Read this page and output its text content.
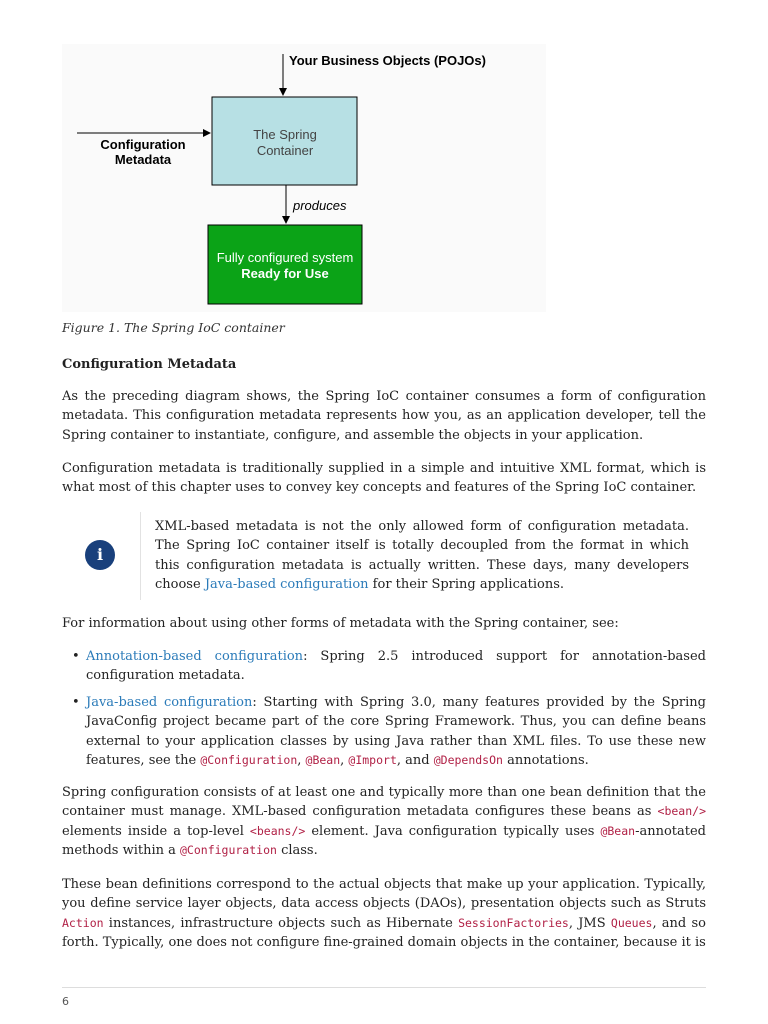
Your Business Objects (POJOs)
Configuration
Metadata
The Spring
Container
produces
Fully configured system
Ready for Use
Figure 1. The Spring IoC container
Configuration Metadata

As the preceding diagram shows, the Spring IoC container consumes a form of configuration metadata. This configuration metadata represents how you, as an application developer, tell the Spring container to instantiate, configure, and assemble the objects in your application.

Configuration metadata is traditionally supplied in a simple and intuitive XML format, which is what most of this chapter uses to convey key concepts and features of the Spring IoC container.

i

XML-based metadata is not the only allowed form of configuration metadata. The Spring IoC container itself is totally decoupled from the format in which this configuration metadata is actually written. These days, many developers choose Java-based configuration for their Spring applications.

For information about using other forms of metadata with the Spring container, see:

• Annotation-based configuration: Spring 2.5 introduced support for annotation-based configuration metadata.
• Java-based configuration: Starting with Spring 3.0, many features provided by the Spring JavaConfig project became part of the core Spring Framework. Thus, you can define beans external to your application classes by using Java rather than XML files. To use these new features, see the @Configuration, @Bean, @Import, and @DependsOn annotations.

Spring configuration consists of at least one and typically more than one bean definition that the container must manage. XML-based configuration metadata configures these beans as <bean/> elements inside a top-level <beans/> element. Java configuration typically uses @Bean-annotated methods within a @Configuration class.

These bean definitions correspond to the actual objects that make up your application. Typically, you define service layer objects, data access objects (DAOs), presentation objects such as Struts Action instances, infrastructure objects such as Hibernate SessionFactories, JMS Queues, and so forth. Typically, one does not configure fine-grained domain objects in the container, because it is

6
